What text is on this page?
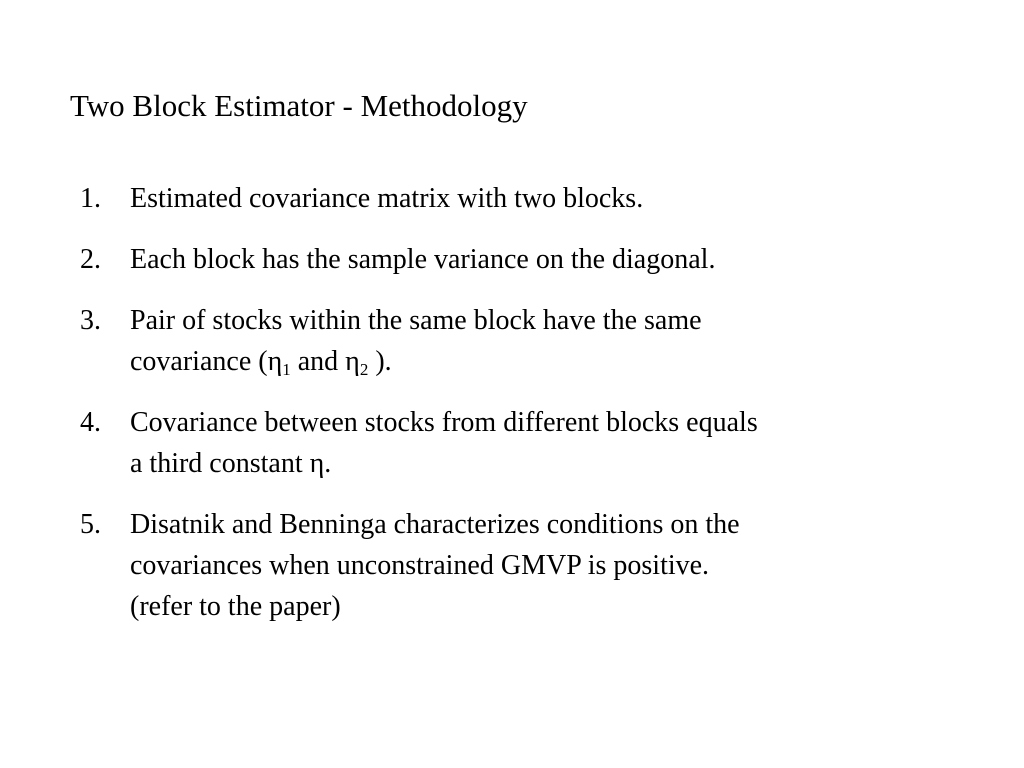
Two Block Estimator - Methodology
1.	Estimated covariance matrix with two blocks.
2.	Each block has the sample variance on the diagonal.
3.	Pair of stocks within the same block have the same
covariance ($\eta_1$ and $\eta_2$ ).
4.	Covariance between stocks from different blocks equals
a third constant η.
5.	Disatnik and Benninga characterizes conditions on the
covariances when unconstrained GMVP is positive.
(refer to the paper)
